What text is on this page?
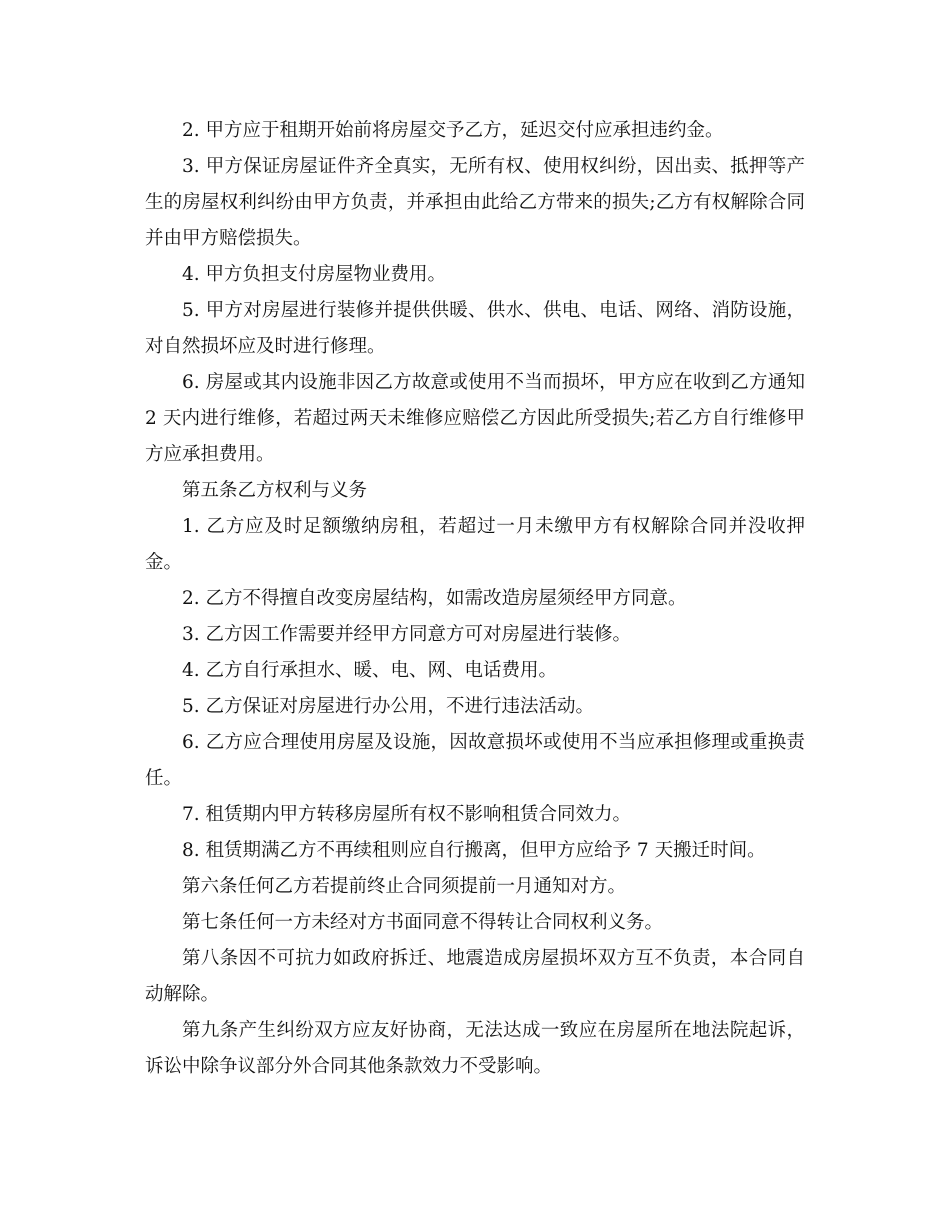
2. 甲方应于租期开始前将房屋交予乙方，延迟交付应承担违约金。

3. 甲方保证房屋证件齐全真实，无所有权、使用权纠纷，因出卖、抵押等产生的房屋权利纠纷由甲方负责，并承担由此给乙方带来的损失;乙方有权解除合同并由甲方赔偿损失。

4. 甲方负担支付房屋物业费用。

5. 甲方对房屋进行装修并提供供暖、供水、供电、电话、网络、消防设施，对自然损坏应及时进行修理。

6. 房屋或其内设施非因乙方故意或使用不当而损坏，甲方应在收到乙方通知 2 天内进行维修，若超过两天未维修应赔偿乙方因此所受损失;若乙方自行维修甲方应承担费用。

第五条乙方权利与义务

1. 乙方应及时足额缴纳房租，若超过一月未缴甲方有权解除合同并没收押金。

2. 乙方不得擅自改变房屋结构，如需改造房屋须经甲方同意。

3. 乙方因工作需要并经甲方同意方可对房屋进行装修。

4. 乙方自行承担水、暖、电、网、电话费用。

5. 乙方保证对房屋进行办公用，不进行违法活动。

6. 乙方应合理使用房屋及设施，因故意损坏或使用不当应承担修理或重换责任。

7. 租赁期内甲方转移房屋所有权不影响租赁合同效力。

8. 租赁期满乙方不再续租则应自行搬离，但甲方应给予 7 天搬迁时间。

第六条任何乙方若提前终止合同须提前一月通知对方。

第七条任何一方未经对方书面同意不得转让合同权利义务。

第八条因不可抗力如政府拆迁、地震造成房屋损坏双方互不负责，本合同自动解除。

第九条产生纠纷双方应友好协商，无法达成一致应在房屋所在地法院起诉，诉讼中除争议部分外合同其他条款效力不受影响。
